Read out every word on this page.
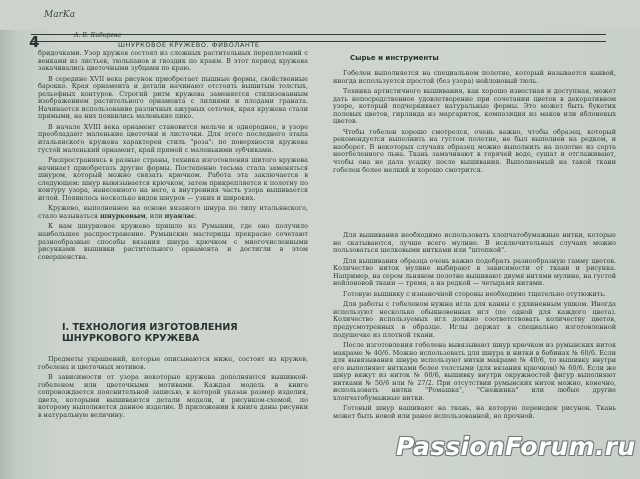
MarKa
4	А. В. Кибирева
ШНУРКОВОЕ КРУЖЕВО. ФИВОЛАНТЕ

бридочками. Узор кружев состоял из сложных растительных переплетений с венками из листьев, тюльпанов и гвоздик по краям. В этот период кружева закачивались цветочными зубцами по краю.

В середине XVII века рисунок приобретает пышные формы, свойственные барокко. Края орнамента и детали начинают отстоять вышитым толстых, рельефных контуров. Строгий ритм кружева заменяется стилизованным изображением растительного орнамента с лилиями и плодами граната. Начинается использование различных ажурных сеточек, края кружева стали прямыми, на них появились маленькие пико.

В начале XVIII века орнамент становится мельче и однороднее, в узоре преобладают маленькие цветочки и листочки. Для этого последнего этапа итальянского кружева характерен стиль "роза": по поверхности кружева густой маленький орнамент, край прямой с маленькими зубчиками.

Распространяясь в разные страны, техника изготовления шитого кружева начинает приобретать другие формы. Постепенно тесьма стала заменяться шнуром, который можно связать крючком. Работа эта заключается в следующем: шнур вывязывается крючком, затем прикрепляется к полотну по контуру узора, нанесенного на него, а внутренняя часть узора вышивается иглой. Появилось несколько видов шнуров — узких и широких.

Кружево, выполненное на основе вязаного шнура по типу итальянского, стало называться шнурковым, или пуанлас.

К нам шнурковое кружево пришло из Румынии, где оно получило наибольшее распространение. Румынские мастерицы прекрасно сочетают разнообразные способы вязания шнура крючком с многочисленными рисунками вышивки растительного орнамента и достигли в этом совершенства.

I. ТЕХНОЛОГИЯ ИЗГОТОВЛЕНИЯ ШНУРКОВОГО КРУЖЕВА

Предметы украшений, которые описываются ниже, состоят из кружев, гобелена и цветочных мотивов.

В зависимости от узора некоторые кружева дополняются вышивкой-гобеленом или цветочными мотивами. Каждая модель в книге сопровождается пояснительной записью, в которой указан размер изделия, цвета, которыми вышиваются детали модели, и рисунком-схемой, по которому выполняется данное изделие. В приложении к книге даны рисунки в натуральную величину.

Сырье и инструменты

Гобелен выполняется на специальном полотне, который называется канвой, иногда используется простой (без узора) нейлоновый тюль.

Техника артистичного вышивания, как хорошо известная и доступная, может дать непосредственное удовлетворение при сочетании цветов в декоративном узоре, который подчеркивает натуральные формы. Это может быть букетик полевых цветов, гирлянда из маргариток, композиция из маков или яблоневых цветов.

Чтобы гобелен хорошо смотрелся, очень важно, чтобы образец, который рекомендуется выполнить на густом полотне, не был выполнен на редком, и наоборот. В некоторых случаях образец можно выполнить на полотне из сорта неотбеленного льна. Ткань замачивают в горячей воде, сушат и отглаживают, чтобы она не дала усадку после вышивания. Выполненный на такой ткани гобелен более мелкий и хорошо смотрится.

Для вышивания необходимо использовать хлопчатобумажные нитки, которые не скатываются, лучше всего мулине. В исключительных случаях можно пользоваться шелковыми нитками или "штопкой".

Для вышивания образца очень важно подобрать разнообразную гамму цветов. Количество ниток мулине выбирают в зависимости от ткани и рисунка. Например, на сером льняном полотне вышивают двумя нитями мулине, на густой нейлоновой ткани — тремя, а на редкой — четырьмя нитями.

Готовую вышивку с изнаночной стороны необходимо тщательно отутюжить.

Для работы с гобеленом нужна игла для канвы с удлиненным ушком. Иногда используют несколько обыкновенных игл (по одной для каждого цвета). Количество используемых игл должно соответствовать количеству цветов, предусмотренных в образце. Иглы держат в специально изготовленной подушечке из плотной ткани.

После изготовления гобелена вывязывают шнур крючком из румынских ниток макраме № 40/6. Можно использовать для шнура и нитки в бобинах № 60/6. Если для вывязывания шнура используют нитки макраме № 40/6, то вышивку внутри его выполняют нитками более толстыми (для вязания крючком) № 60/6. Если же шнур вяжут из ниток № 60/6, вышивку внутри окружностей фигур выполняют нитками № 50/6 или № 27/2. При отсутствии румынских ниток можно, конечно, использовать нитки "Ромашка", "Снежинка" или любые другие хлопчатобумажные нитки.

Готовый шнур нашивают на ткань, на которую переведен рисунок. Ткань может быть новой или ранее использованной, но прочной.

PassionForum.ru
